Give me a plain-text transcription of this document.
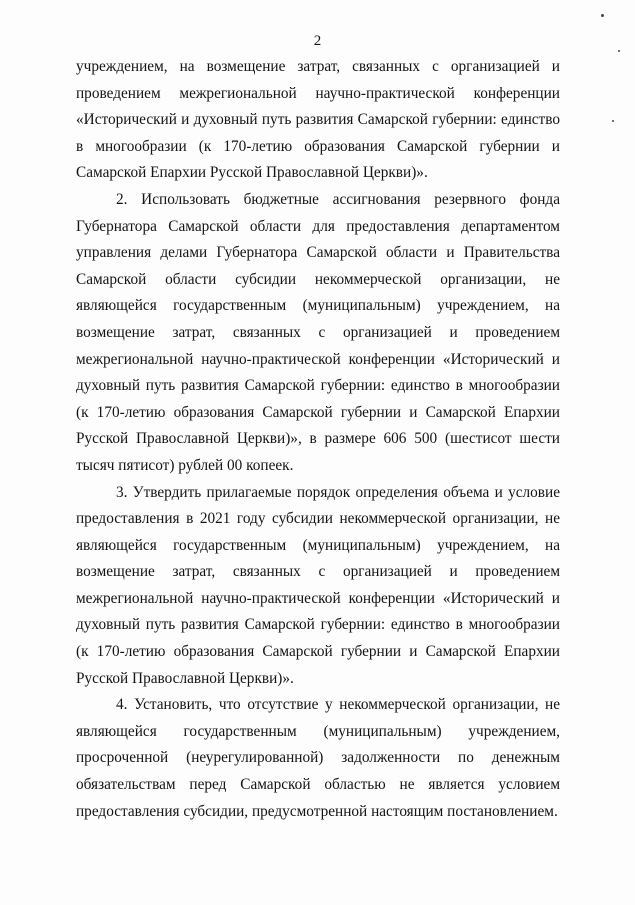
2

учреждением, на возмещение затрат, связанных с организацией и проведением межрегиональной научно-практической конференции «Исторический и духовный путь развития Самарской губернии: единство в многообразии (к 170-летию образования Самарской губернии и Самарской Епархии Русской Православной Церкви)».

2. Использовать бюджетные ассигнования резервного фонда Губернатора Самарской области для предоставления департаментом управления делами Губернатора Самарской области и Правительства Самарской области субсидии некоммерческой организации, не являющейся государственным (муниципальным) учреждением, на возмещение затрат, связанных с организацией и проведением межрегиональной научно-практической конференции «Исторический и духовный путь развития Самарской губернии: единство в многообразии (к 170-летию образования Самарской губернии и Самарской Епархии Русской Православной Церкви)», в размере 606 500 (шестисот шести тысяч пятисот) рублей 00 копеек.

3. Утвердить прилагаемые порядок определения объема и условие предоставления в 2021 году субсидии некоммерческой организации, не являющейся государственным (муниципальным) учреждением, на возмещение затрат, связанных с организацией и проведением межрегиональной научно-практической конференции «Исторический и духовный путь развития Самарской губернии: единство в многообразии (к 170-летию образования Самарской губернии и Самарской Епархии Русской Православной Церкви)».

4. Установить, что отсутствие у некоммерческой организации, не являющейся государственным (муниципальным) учреждением, просроченной (неурегулированной) задолженности по денежным обязательствам перед Самарской областью не является условием предоставления субсидии, предусмотренной настоящим постановлением.
